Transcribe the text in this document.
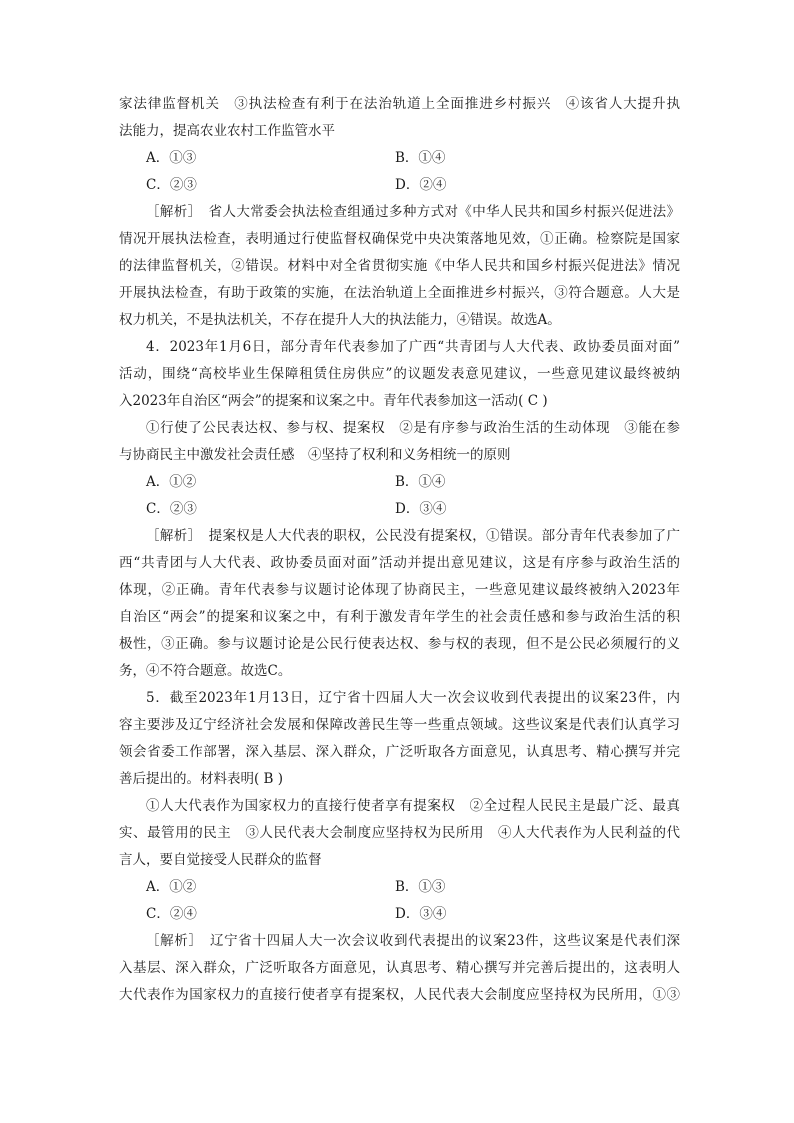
家法律监督机关　③执法检查有利于在法治轨道上全面推进乡村振兴　④该省人大提升执
法能力，提高农业农村工作监管水平
A．①③	B．①④
C．②③	D．②④
［解析］　省人大常委会执法检查组通过多种方式对《中华人民共和国乡村振兴促进法》
情况开展执法检查，表明通过行使监督权确保党中央决策落地见效，①正确。检察院是国家
的法律监督机关，②错误。材料中对全省贯彻实施《中华人民共和国乡村振兴促进法》情况
开展执法检查，有助于政策的实施，在法治轨道上全面推进乡村振兴，③符合题意。人大是
权力机关，不是执法机关，不存在提升人大的执法能力，④错误。故选A。
4．2023年1月6日，部分青年代表参加了广西“共青团与人大代表、政协委员面对面”
活动，围绕“高校毕业生保障租赁住房供应”的议题发表意见建议，一些意见建议最终被纳
入2023年自治区“两会”的提案和议案之中。青年代表参加这一活动( C )
①行使了公民表达权、参与权、提案权　②是有序参与政治生活的生动体现　③能在参
与协商民主中激发社会责任感　④坚持了权利和义务相统一的原则
A．①②	B．①④
C．②③	D．③④
［解析］　提案权是人大代表的职权，公民没有提案权，①错误。部分青年代表参加了广
西“共青团与人大代表、政协委员面对面”活动并提出意见建议，这是有序参与政治生活的
体现，②正确。青年代表参与议题讨论体现了协商民主，一些意见建议最终被纳入2023年
自治区“两会”的提案和议案之中，有利于激发青年学生的社会责任感和参与政治生活的积
极性，③正确。参与议题讨论是公民行使表达权、参与权的表现，但不是公民必须履行的义
务，④不符合题意。故选C。
5．截至2023年1月13日，辽宁省十四届人大一次会议收到代表提出的议案23件，内
容主要涉及辽宁经济社会发展和保障改善民生等一些重点领域。这些议案是代表们认真学习
领会省委工作部署，深入基层、深入群众，广泛听取各方面意见，认真思考、精心撰写并完
善后提出的。材料表明( B )
①人大代表作为国家权力的直接行使者享有提案权　②全过程人民民主是最广泛、最真
实、最管用的民主　③人民代表大会制度应坚持权为民所用　④人大代表作为人民利益的代
言人，要自觉接受人民群众的监督
A．①②	B．①③
C．②④	D．③④
［解析］　辽宁省十四届人大一次会议收到代表提出的议案23件，这些议案是代表们深
入基层、深入群众，广泛听取各方面意见，认真思考、精心撰写并完善后提出的，这表明人
大代表作为国家权力的直接行使者享有提案权，人民代表大会制度应坚持权为民所用，①③
